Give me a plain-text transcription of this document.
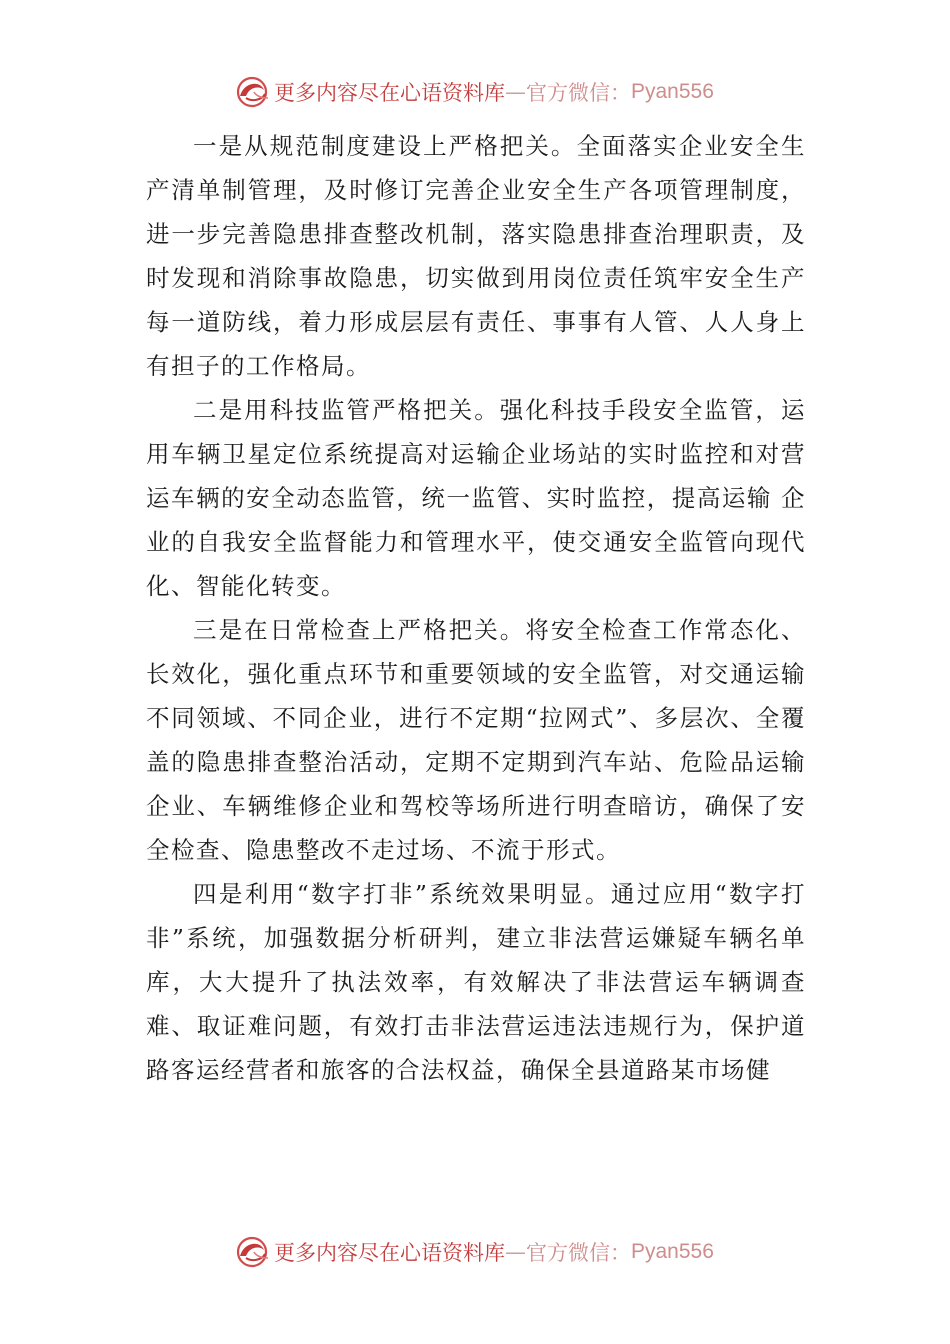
更多内容尽在心语资料库 — 官方微信： Pyan556

一是从规范制度建设上严格把关。全面落实企业安全生产清单制管理，及时修订完善企业安全生产各项管理制度，进一步完善隐患排查整改机制，落实隐患排查治理职责，及时发现和消除事故隐患，切实做到用岗位责任筑牢安全生产每一道防线，着力形成层层有责任、事事有人管、人人身上 有担子的工作格局。

二是用科技监管严格把关。强化科技手段安全监管，运用车辆卫星定位系统提高对运输企业场站的实时监控和对营运车辆的安全动态监管，统一监管、实时监控，提高运输 企业的自我安全监督能力和管理水平，使交通安全监管向现代化、智能化转变。

三是在日常检查上严格把关。将安全检查工作常态化、长效化，强化重点环节和重要领域的安全监管，对交通运输不同领域、不同企业，进行不定期“拉网式”、多层次、全覆盖的隐患排查整治活动，定期不定期到汽车站、危险品运输企业、车辆维修企业和驾校等场所进行明查暗访，确保了安全检查、隐患整改不走过场、不流于形式。

四是利用“数字打非”系统效果明显。通过应用“数字打非”系统，加强数据分析研判，建立非法营运嫌疑车辆名单库，大大提升了执法效率，有效解决了非法营运车辆调查难、取证难问题，有效打击非法营运违法违规行为，保护道路客运经营者和旅客的合法权益，确保全县道路某市场健

更多内容尽在心语资料库 — 官方微信： Pyan556
